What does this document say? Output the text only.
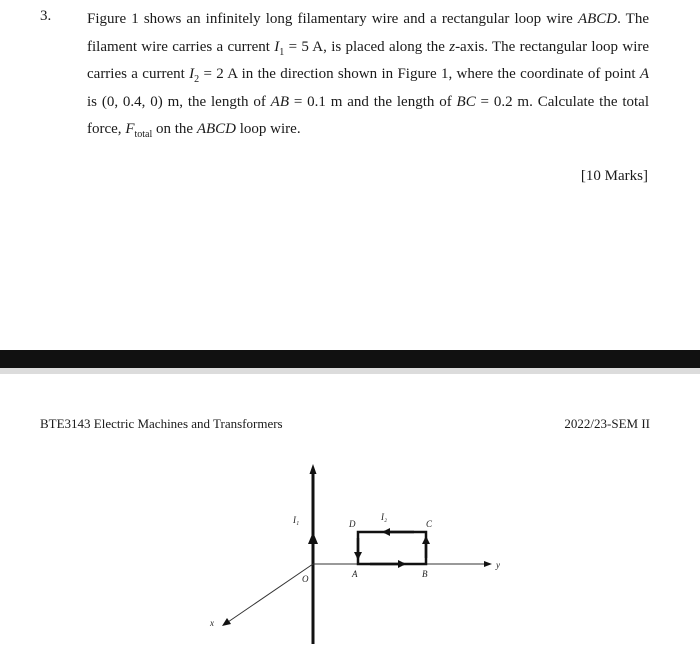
3. Figure 1 shows an infinitely long filamentary wire and a rectangular loop wire ABCD. The filament wire carries a current $I_1 = 5$ A, is placed along the z-axis. The rectangular loop wire carries a current $I_2 = 2$ A in the direction shown in Figure 1, where the coordinate of point A is (0, 0.4, 0) m, the length of AB = 0.1 m and the length of BC = 0.2 m. Calculate the total force, $F_{total}$ on the ABCD loop wire.
[10 Marks]
BTE3143 Electric Machines and Transformers	2022/23-SEM II
I₁	I₂
D	C
A	B
O
x
y
